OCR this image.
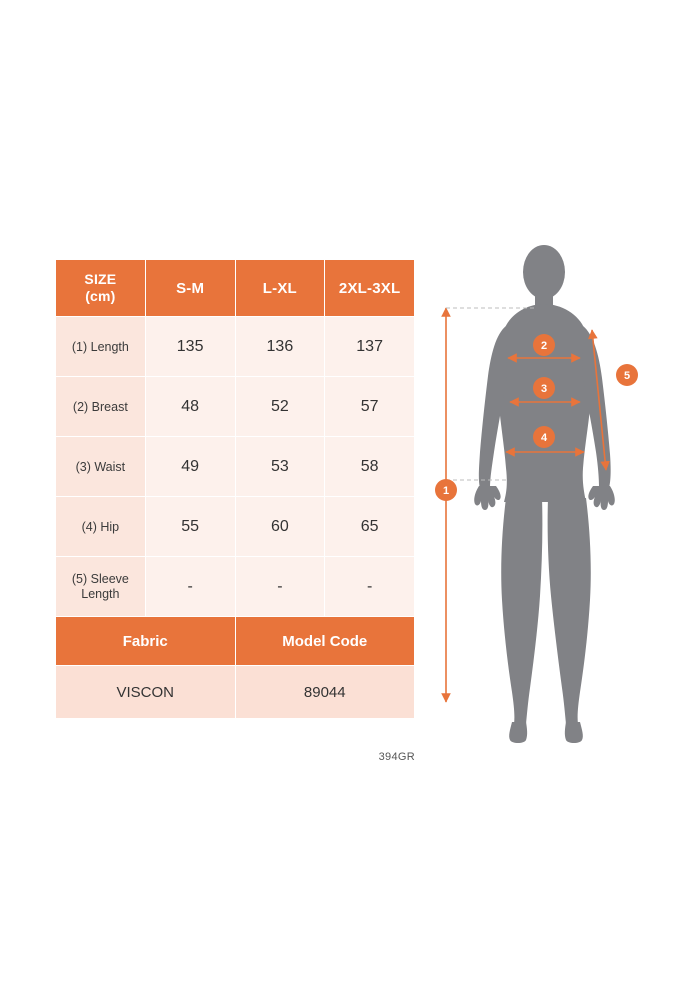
SIZE
(cm)	S-M	L-XL	2XL-3XL
(1) Length	135	136	137
(2) Breast	48	52	57
(3) Waist	49	53	58
(4) Hip	55	60	65

(5) Sleeve
Length	-	-	-
Fabric		Model Code	
VISCON		89044	
394GR
1
2
3
4
5
